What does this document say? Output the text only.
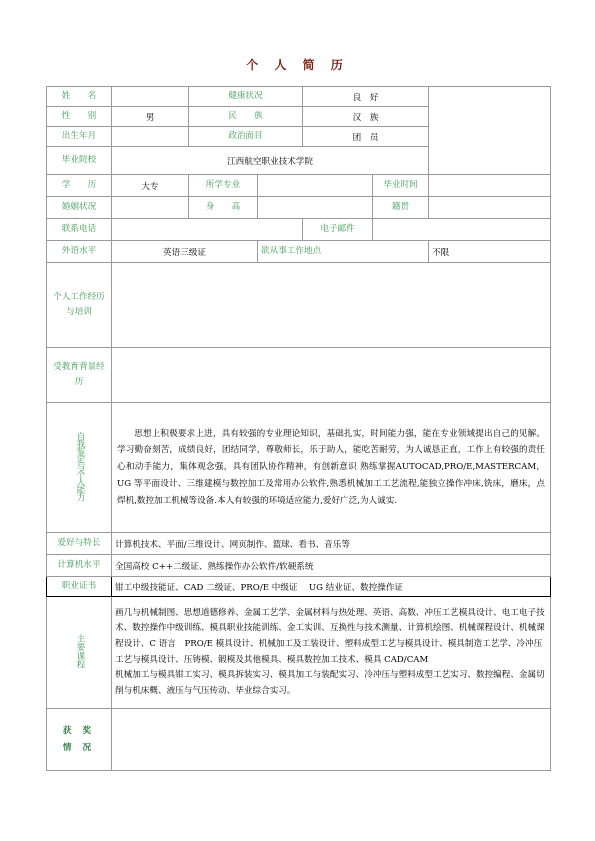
个 人 简 历
姓　　名		健康状况		良　好		
性　　别	男	民　　族		汉　族		
出生年月		政治面目		团　员		
毕业院校	江西航空职业技术学院					
学　　历	大专	所学专业			毕业时间	
婚姻状况		身　　高			籍贯	
联系电话				电子邮件		
外语水平	英语三级证		欲从事工作地点			不限
个人工作经历与培训						
受教育背景经历						
自我鉴定与个人能力	思想上积极要求上进，具有较强的专业理论知识，基础扎实，时间能力强，能在专业领域提出自己的见解。学习勤奋刻苦，成绩良好，团结同学，尊敬师长，乐于助人，能吃苦耐劳，为人诚恳正直，工作上有较强的责任心和动手能力，集体观念强，具有团队协作精神，有创新意识 熟练掌握AUTOCAD,PRO/E,MASTERCAM，UG 等平面设计、三维建模与数控加工及常用办公软件,熟悉机械加工工艺流程,能独立操作冲床,铣床，磨床，点焊机,数控加工机械等设备.本人有较强的环境适应能力,爱好广泛,为人诚实.					

爱好与特长	计算机技术、平面/三维设计、网页制作、篮球、看书、音乐等					
计算机水平	全国高校 C++二级证、熟练操作办公软件/软硬系统					
职业证书	钳工中级技能证、CAD 二级证、PRO/E 中级证　 UG 结业证、数控操作证					
主要课程	画几与机械制图、思想道德修养、金属工艺学、金属材料与热处理、英语、高数、冲压工艺模具设计、电工电子技术、数控操作中级训练、模具职业技能训练、金工实训、互换性与技术测量、计算机绘图、机械课程设计、机械课程设计、C 语言　PRO/E 模具设计、机械加工及工装设计、塑料成型工艺与模具设计、模具制造工艺学、冷冲压工艺与模具设计、压铸模、锻模及其他模具、模具数控加工技术、模具 CAD/CAM

机械加工与模具钳工实习、模具拆装实习、模具加工与装配实习、冷冲压与塑料成型工艺实习、数控编程、金属切削与机床概、液压与气压传动、毕业综合实习。					

获 奖
情 况						
